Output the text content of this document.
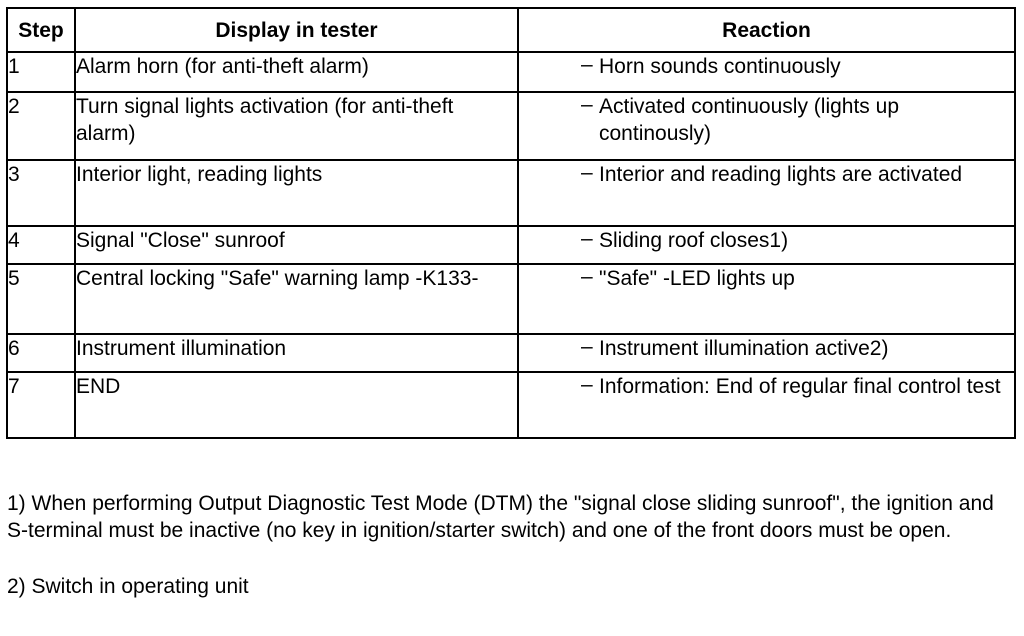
Step	Display in tester	Reaction
1	Alarm horn (for anti-theft alarm)	– Horn sounds continuously

2	Turn signal lights activation (for anti-theft alarm)	– Activated continuously (lights up continously)

3	Interior light, reading lights	– Interior and reading lights are activated

4	Signal "Close" sunroof	– Sliding roof closes1)

5	Central locking "Safe" warning lamp -K133-	– "Safe" -LED lights up

6	Instrument illumination	– Instrument illumination active2)

7	END	– Information: End of regular final control test

1) When performing Output Diagnostic Test Mode (DTM) the "signal close sliding sunroof", the ignition and S-terminal must be inactive (no key in ignition/starter switch) and one of the front doors must be open.

2) Switch in operating unit
